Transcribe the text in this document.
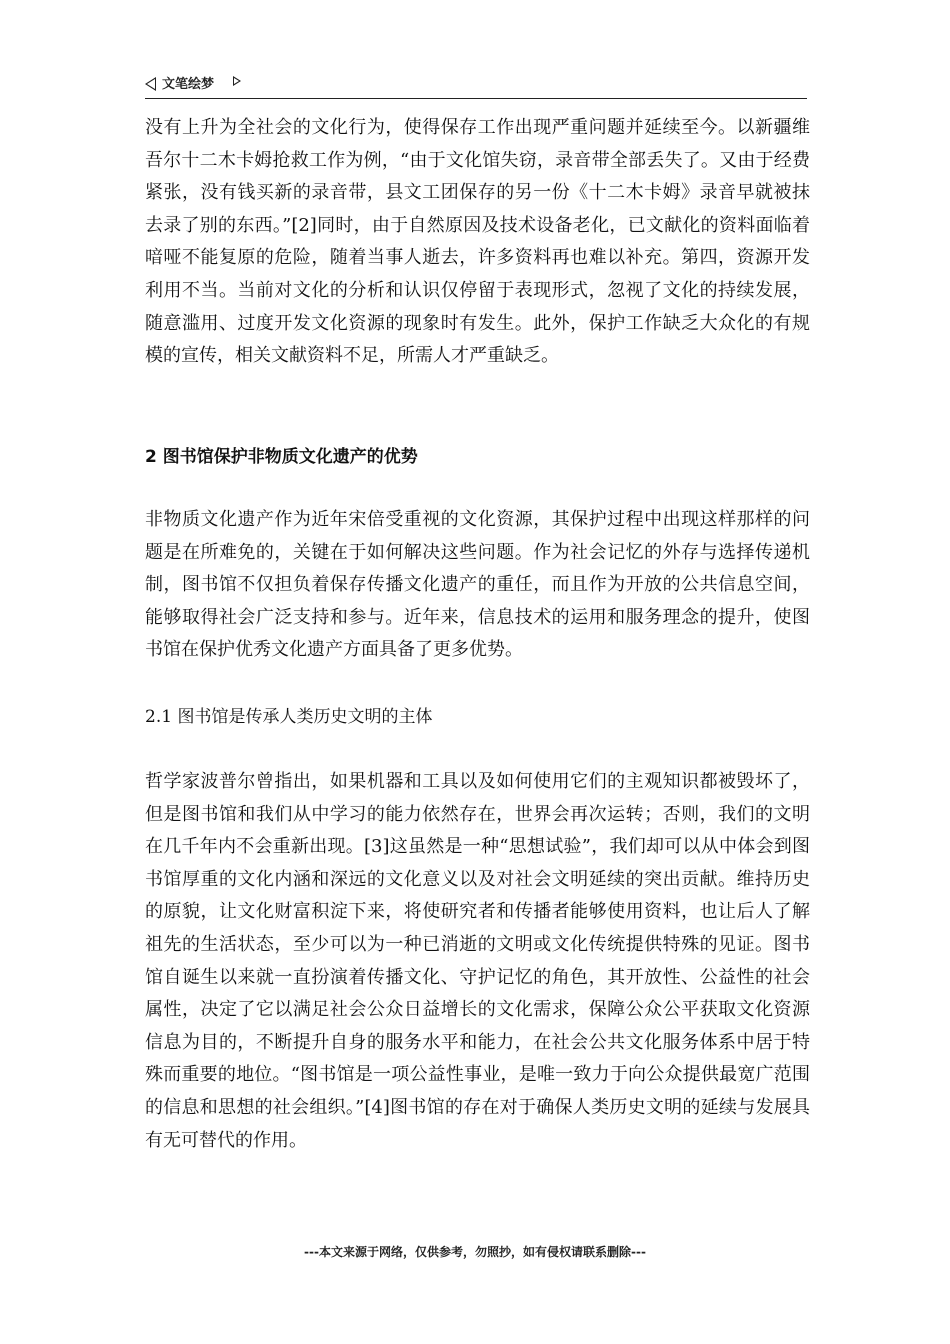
文笔绘梦

没有上升为全社会的文化行为，使得保存工作出现严重问题并延续至今。以新疆维吾尔十二木卡姆抢救工作为例，“由于文化馆失窃，录音带全部丢失了。又由于经费紧张，没有钱买新的录音带，县文工团保存的另一份《十二木卡姆》录音早就被抹去录了别的东西。”[2]同时，由于自然原因及技术设备老化，已文献化的资料面临着喑哑不能复原的危险，随着当事人逝去，许多资料再也难以补充。第四，资源开发利用不当。当前对文化的分析和认识仅停留于表现形式，忽视了文化的持续发展，随意滥用、过度开发文化资源的现象时有发生。此外，保护工作缺乏大众化的有规模的宣传，相关文献资料不足，所需人才严重缺乏。

2 图书馆保护非物质文化遗产的优势

非物质文化遗产作为近年宋倍受重视的文化资源，其保护过程中出现这样那样的问题是在所难免的，关键在于如何解决这些问题。作为社会记忆的外存与选择传递机制，图书馆不仅担负着保存传播文化遗产的重任，而且作为开放的公共信息空间，能够取得社会广泛支持和参与。近年来，信息技术的运用和服务理念的提升，使图书馆在保护优秀文化遗产方面具备了更多优势。

2.1 图书馆是传承人类历史文明的主体

哲学家波普尔曾指出，如果机器和工具以及如何使用它们的主观知识都被毁坏了，但是图书馆和我们从中学习的能力依然存在，世界会再次运转；否则，我们的文明在几千年内不会重新出现。[3]这虽然是一种“思想试验”，我们却可以从中体会到图书馆厚重的文化内涵和深远的文化意义以及对社会文明延续的突出贡献。维持历史的原貌，让文化财富积淀下来，将使研究者和传播者能够使用资料，也让后人了解祖先的生活状态，至少可以为一种已消逝的文明或文化传统提供特殊的见证。图书馆自诞生以来就一直扮演着传播文化、守护记忆的角色，其开放性、公益性的社会属性，决定了它以满足社会公众日益增长的文化需求，保障公众公平获取文化资源信息为目的，不断提升自身的服务水平和能力，在社会公共文化服务体系中居于特殊而重要的地位。“图书馆是一项公益性事业，是唯一致力于向公众提供最宽广范围的信息和思想的社会组织。”[4]图书馆的存在对于确保人类历史文明的延续与发展具有无可替代的作用。

---本文来源于网络，仅供参考，勿照抄，如有侵权请联系删除---
